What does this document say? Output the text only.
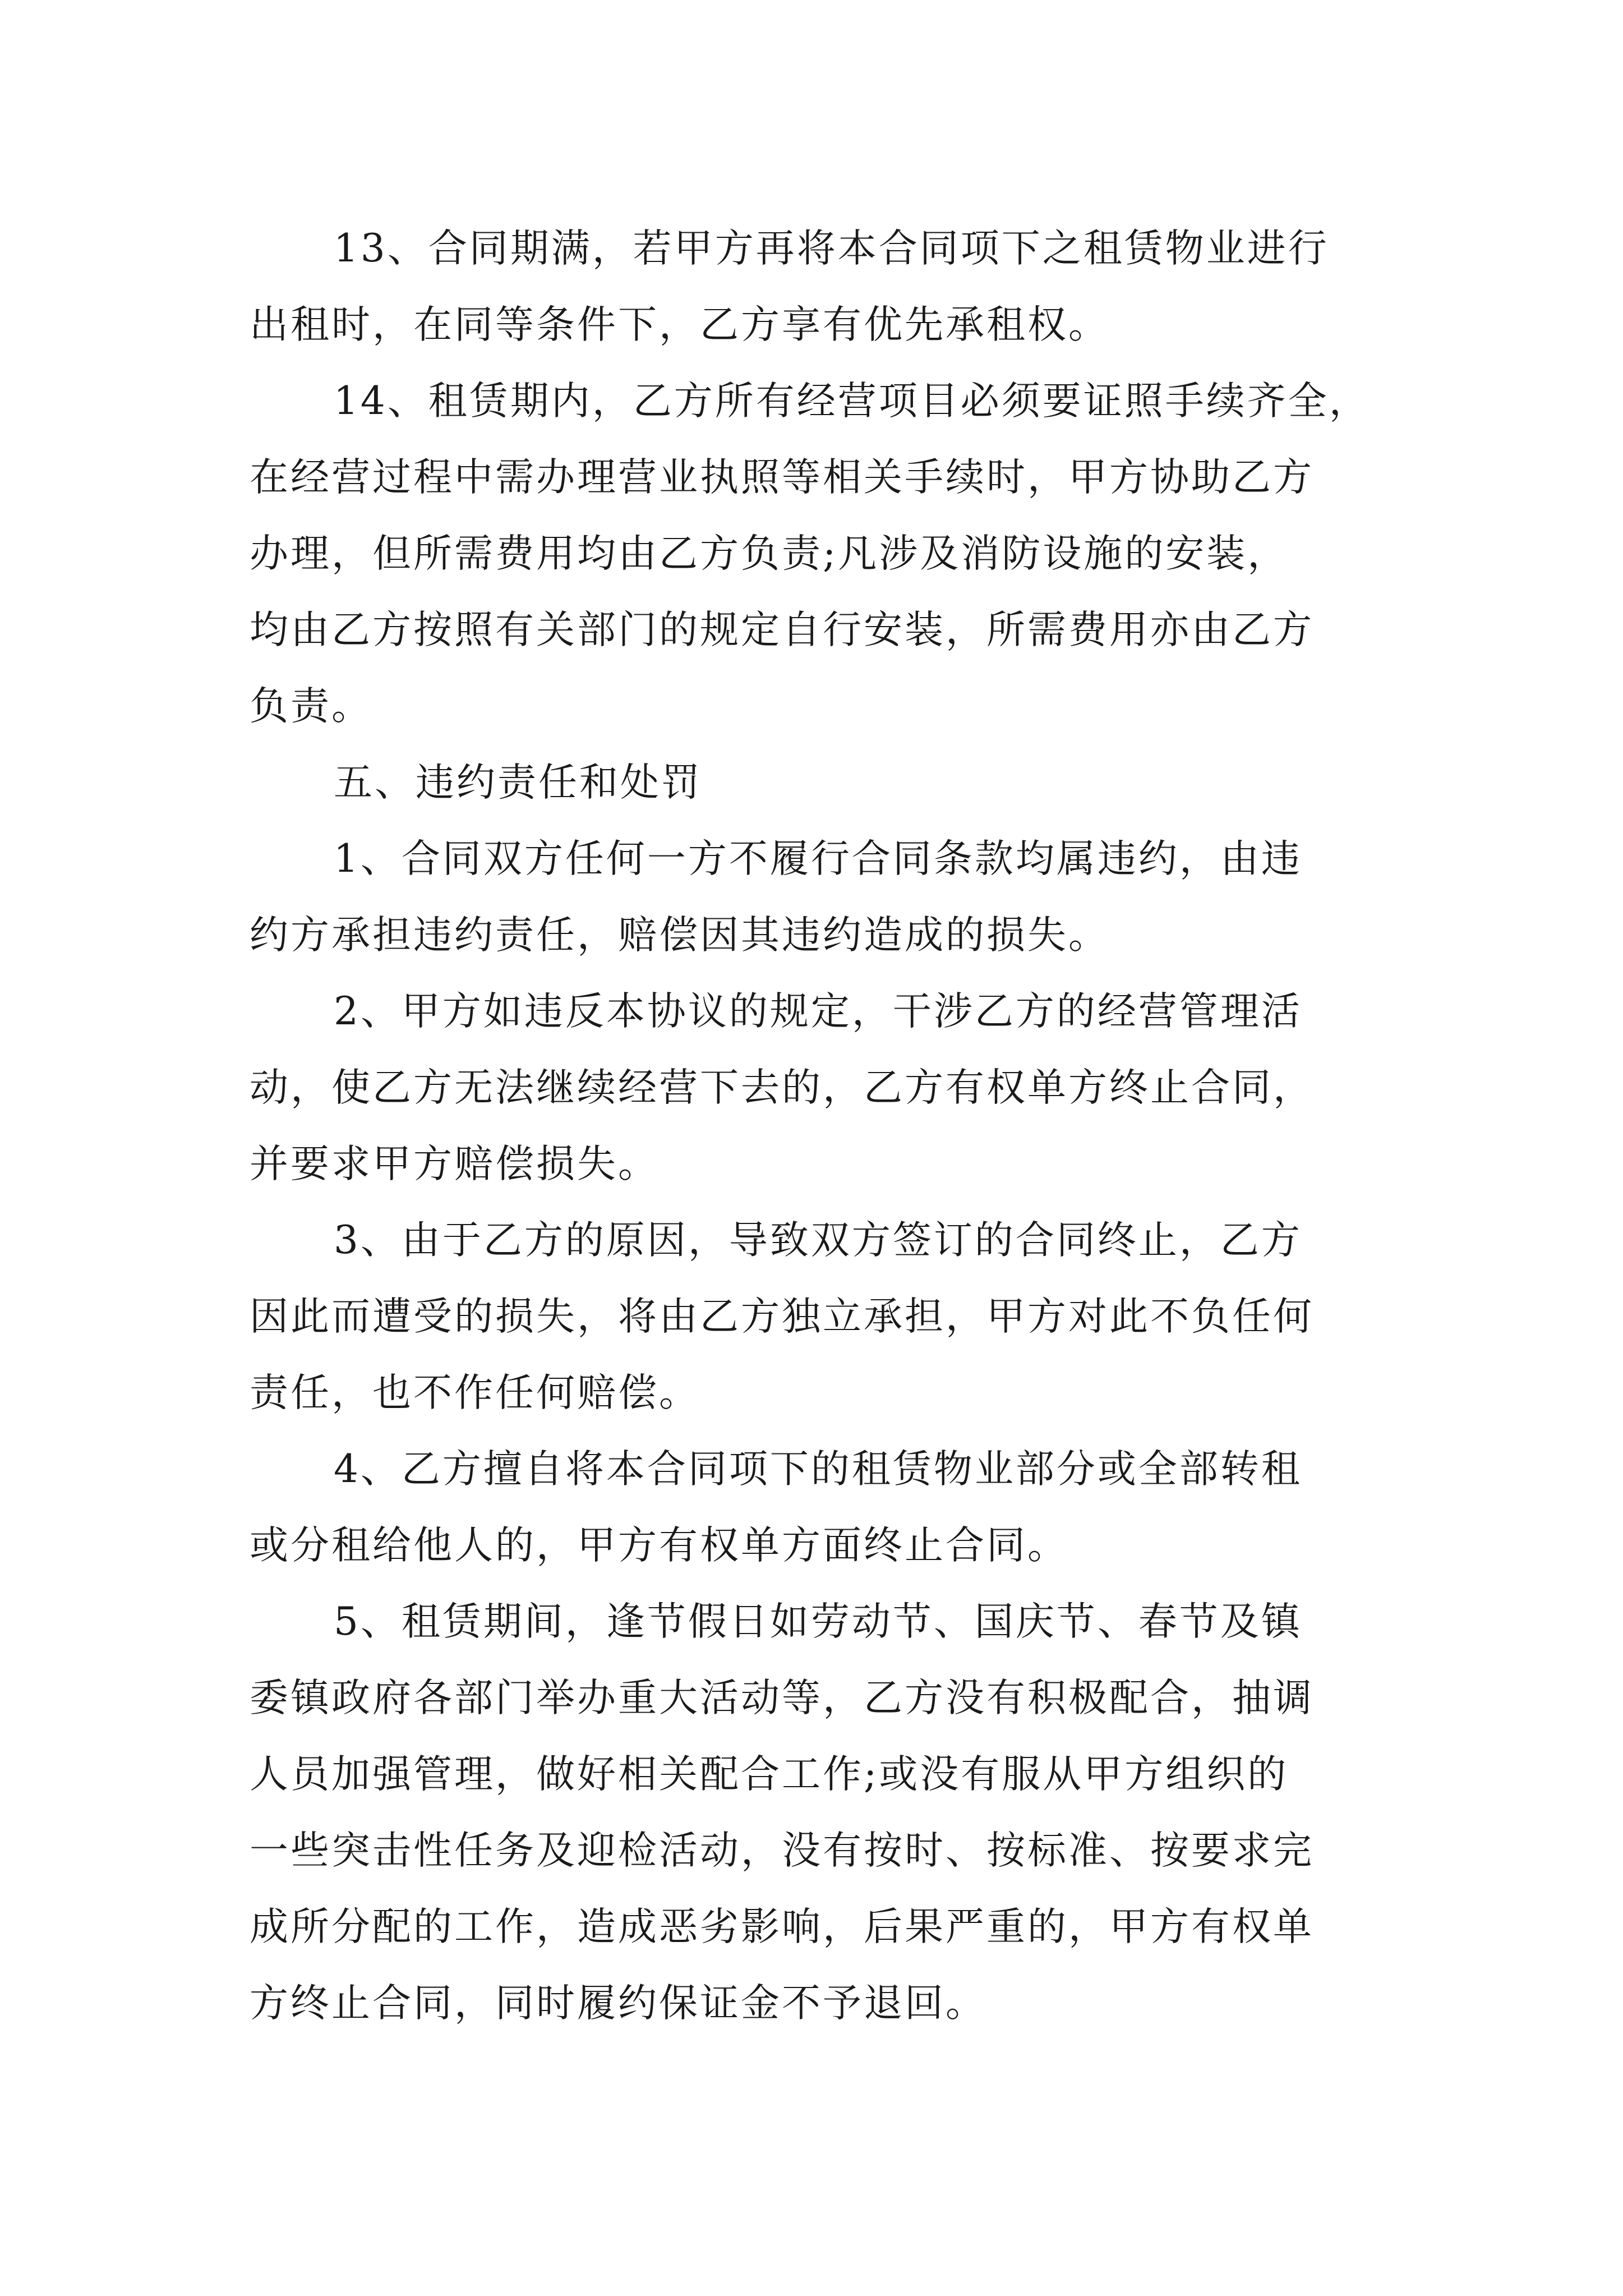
13、合同期满，若甲方再将本合同项下之租赁物业进行
出租时，在同等条件下，乙方享有优先承租权。
14、租赁期内，乙方所有经营项目必须要证照手续齐全，
在经营过程中需办理营业执照等相关手续时，甲方协助乙方
办理，但所需费用均由乙方负责;凡涉及消防设施的安装，
均由乙方按照有关部门的规定自行安装，所需费用亦由乙方
负责。
五、违约责任和处罚
1、合同双方任何一方不履行合同条款均属违约，由违
约方承担违约责任，赔偿因其违约造成的损失。
2、甲方如违反本协议的规定，干涉乙方的经营管理活
动，使乙方无法继续经营下去的，乙方有权单方终止合同，
并要求甲方赔偿损失。
3、由于乙方的原因，导致双方签订的合同终止，乙方
因此而遭受的损失，将由乙方独立承担，甲方对此不负任何
责任，也不作任何赔偿。
4、乙方擅自将本合同项下的租赁物业部分或全部转租
或分租给他人的，甲方有权单方面终止合同。
5、租赁期间，逢节假日如劳动节、国庆节、春节及镇
委镇政府各部门举办重大活动等，乙方没有积极配合，抽调
人员加强管理，做好相关配合工作;或没有服从甲方组织的
一些突击性任务及迎检活动，没有按时、按标准、按要求完
成所分配的工作，造成恶劣影响，后果严重的，甲方有权单
方终止合同，同时履约保证金不予退回。
